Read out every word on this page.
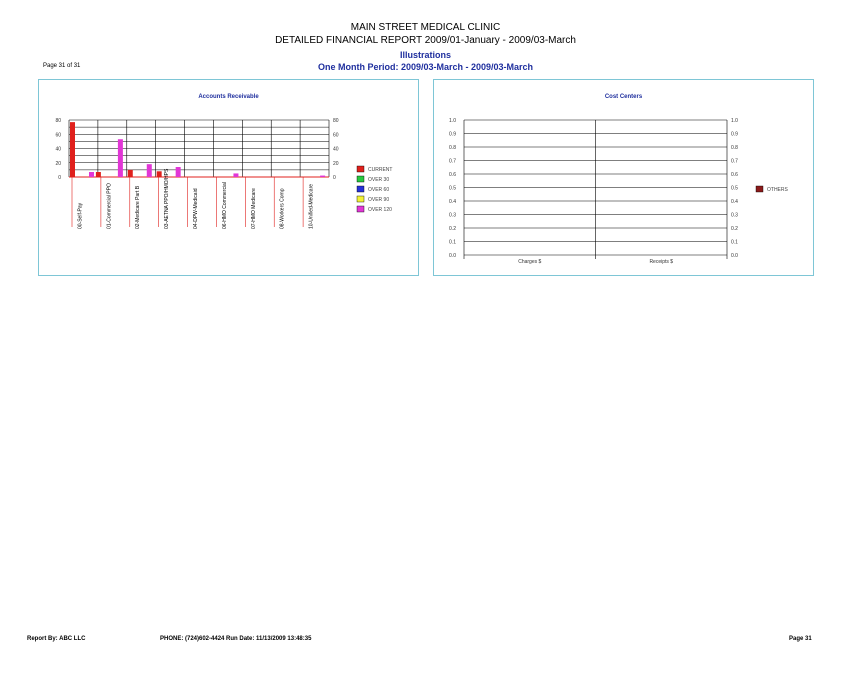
MAIN STREET MEDICAL CLINIC
DETAILED FINANCIAL REPORT 2009/01-January - 2009/03-March
Illustrations
One Month Period: 2009/03-March - 2009/03-March
Page 31 of 31
Accounts Receivable
80	80
60	60
40	40
20	20
0	0
00-Self-Pay	01-Commercial PPO	02-Medicare Part B	03-AETNA PPO/HMO/HPS	04-DPW-Medicaid	06-HMO Commercial	07-HMO Medicare	08-Workers Comp	10-Unified-Medicare
CURRENT
OVER 30
OVER 60
OVER 90
OVER 120
Cost Centers
1.0	1.0
0.9	0.9
0.8	0.8
0.7	0.7
0.6	0.6
0.5	0.5
0.4	0.4
0.3	0.3
0.2	0.2
0.1	0.1
0.0	0.0
Charges $	Receipts $
OTHERS
Report By: ABC LLC	PHONE: (724)602-4424 Run Date: 11/13/2009 13:48:35	Page 31
